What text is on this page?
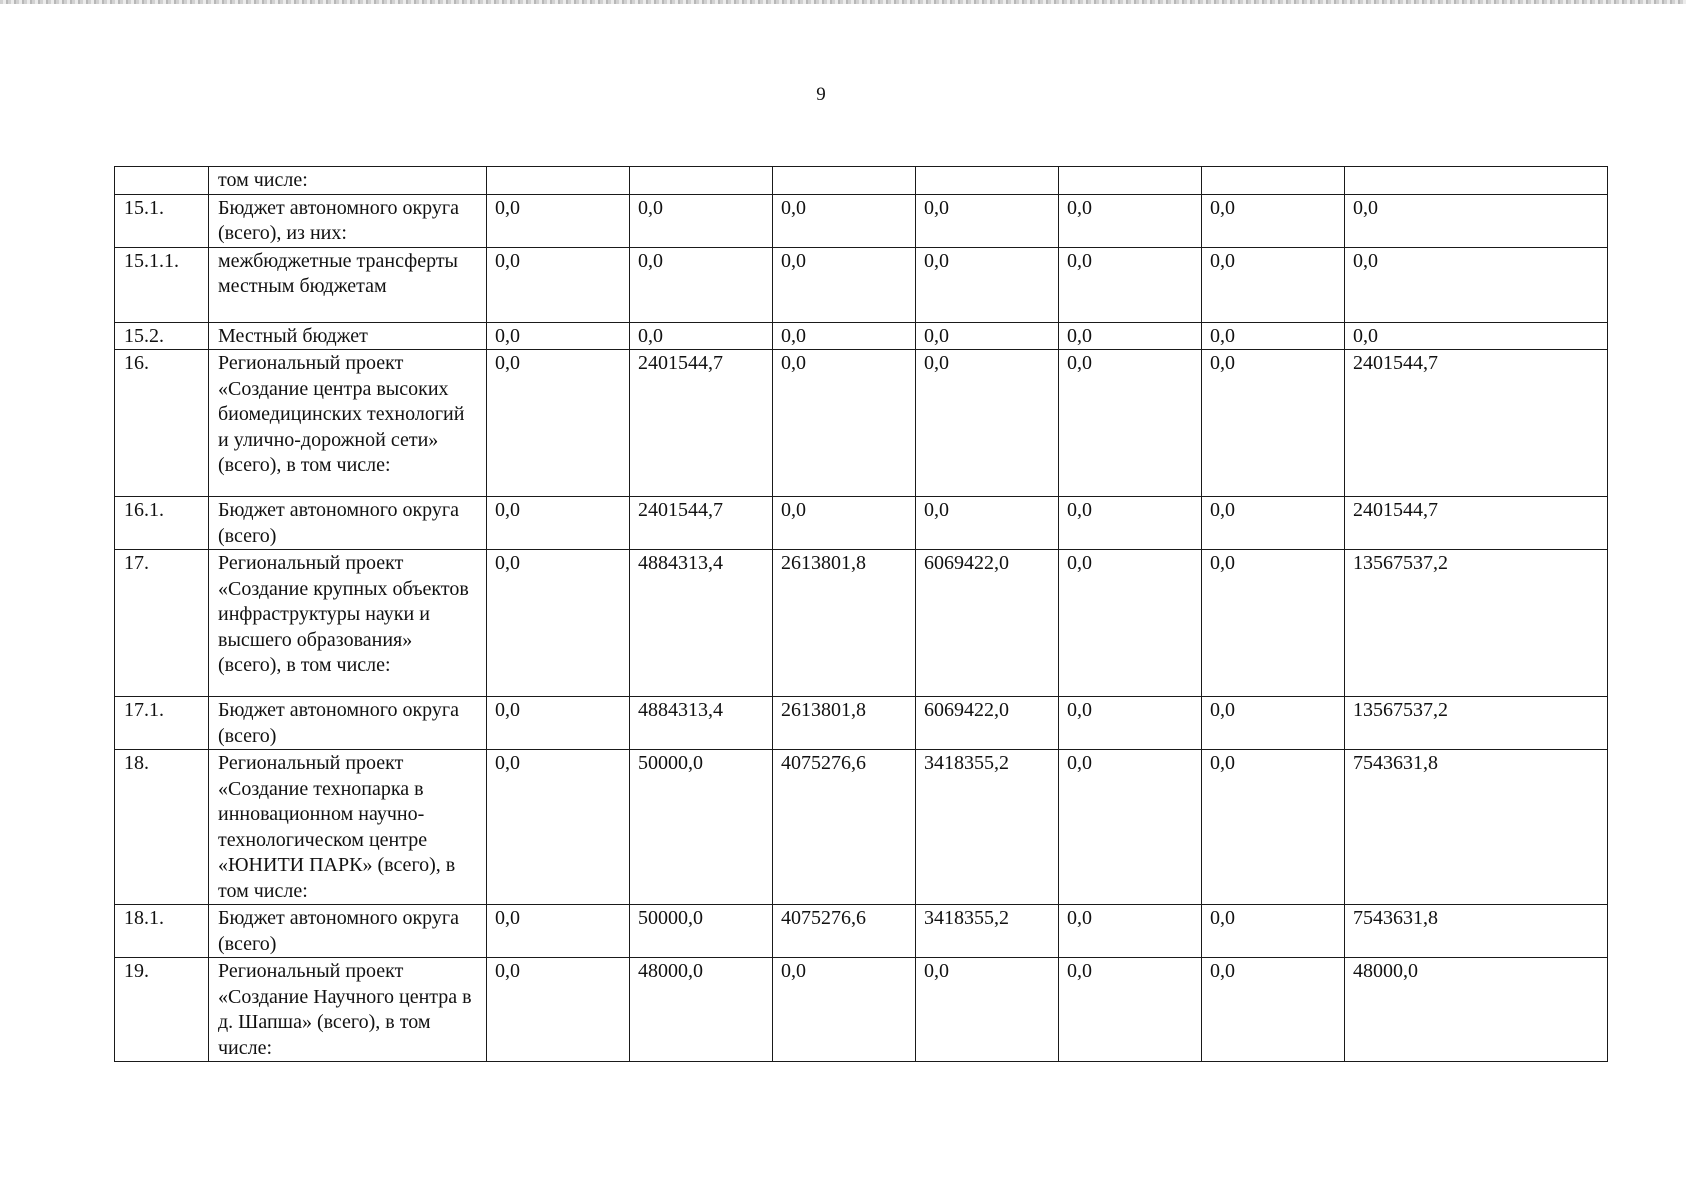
9
	том числе:							
15.1.	Бюджет автономного округа (всего), из них:	0,0	0,0	0,0	0,0	0,0	0,0	0,0
15.1.1.	межбюджетные трансферты местным бюджетам	0,0	0,0	0,0	0,0	0,0	0,0	0,0
15.2.	Местный бюджет	0,0	0,0	0,0	0,0	0,0	0,0	0,0
16.	Региональный проект «Создание центра высоких биомедицинских технологий и улично-дорожной сети» (всего), в том числе:	0,0	2401544,7	0,0	0,0	0,0	0,0	2401544,7
16.1.	Бюджет автономного округа (всего)	0,0	2401544,7	0,0	0,0	0,0	0,0	2401544,7
17.	Региональный проект «Создание крупных объектов инфраструктуры науки и высшего образования» (всего), в том числе:	0,0	4884313,4	2613801,8	6069422,0	0,0	0,0	13567537,2
17.1.	Бюджет автономного округа (всего)	0,0	4884313,4	2613801,8	6069422,0	0,0	0,0	13567537,2
18.	Региональный проект «Создание технопарка в инновационном научно-технологическом центре «ЮНИТИ ПАРК» (всего), в том числе:	0,0	50000,0	4075276,6	3418355,2	0,0	0,0	7543631,8
18.1.	Бюджет автономного округа (всего)	0,0	50000,0	4075276,6	3418355,2	0,0	0,0	7543631,8
19.	Региональный проект «Создание Научного центра в д. Шапша» (всего), в том числе:	0,0	48000,0	0,0	0,0	0,0	0,0	48000,0
